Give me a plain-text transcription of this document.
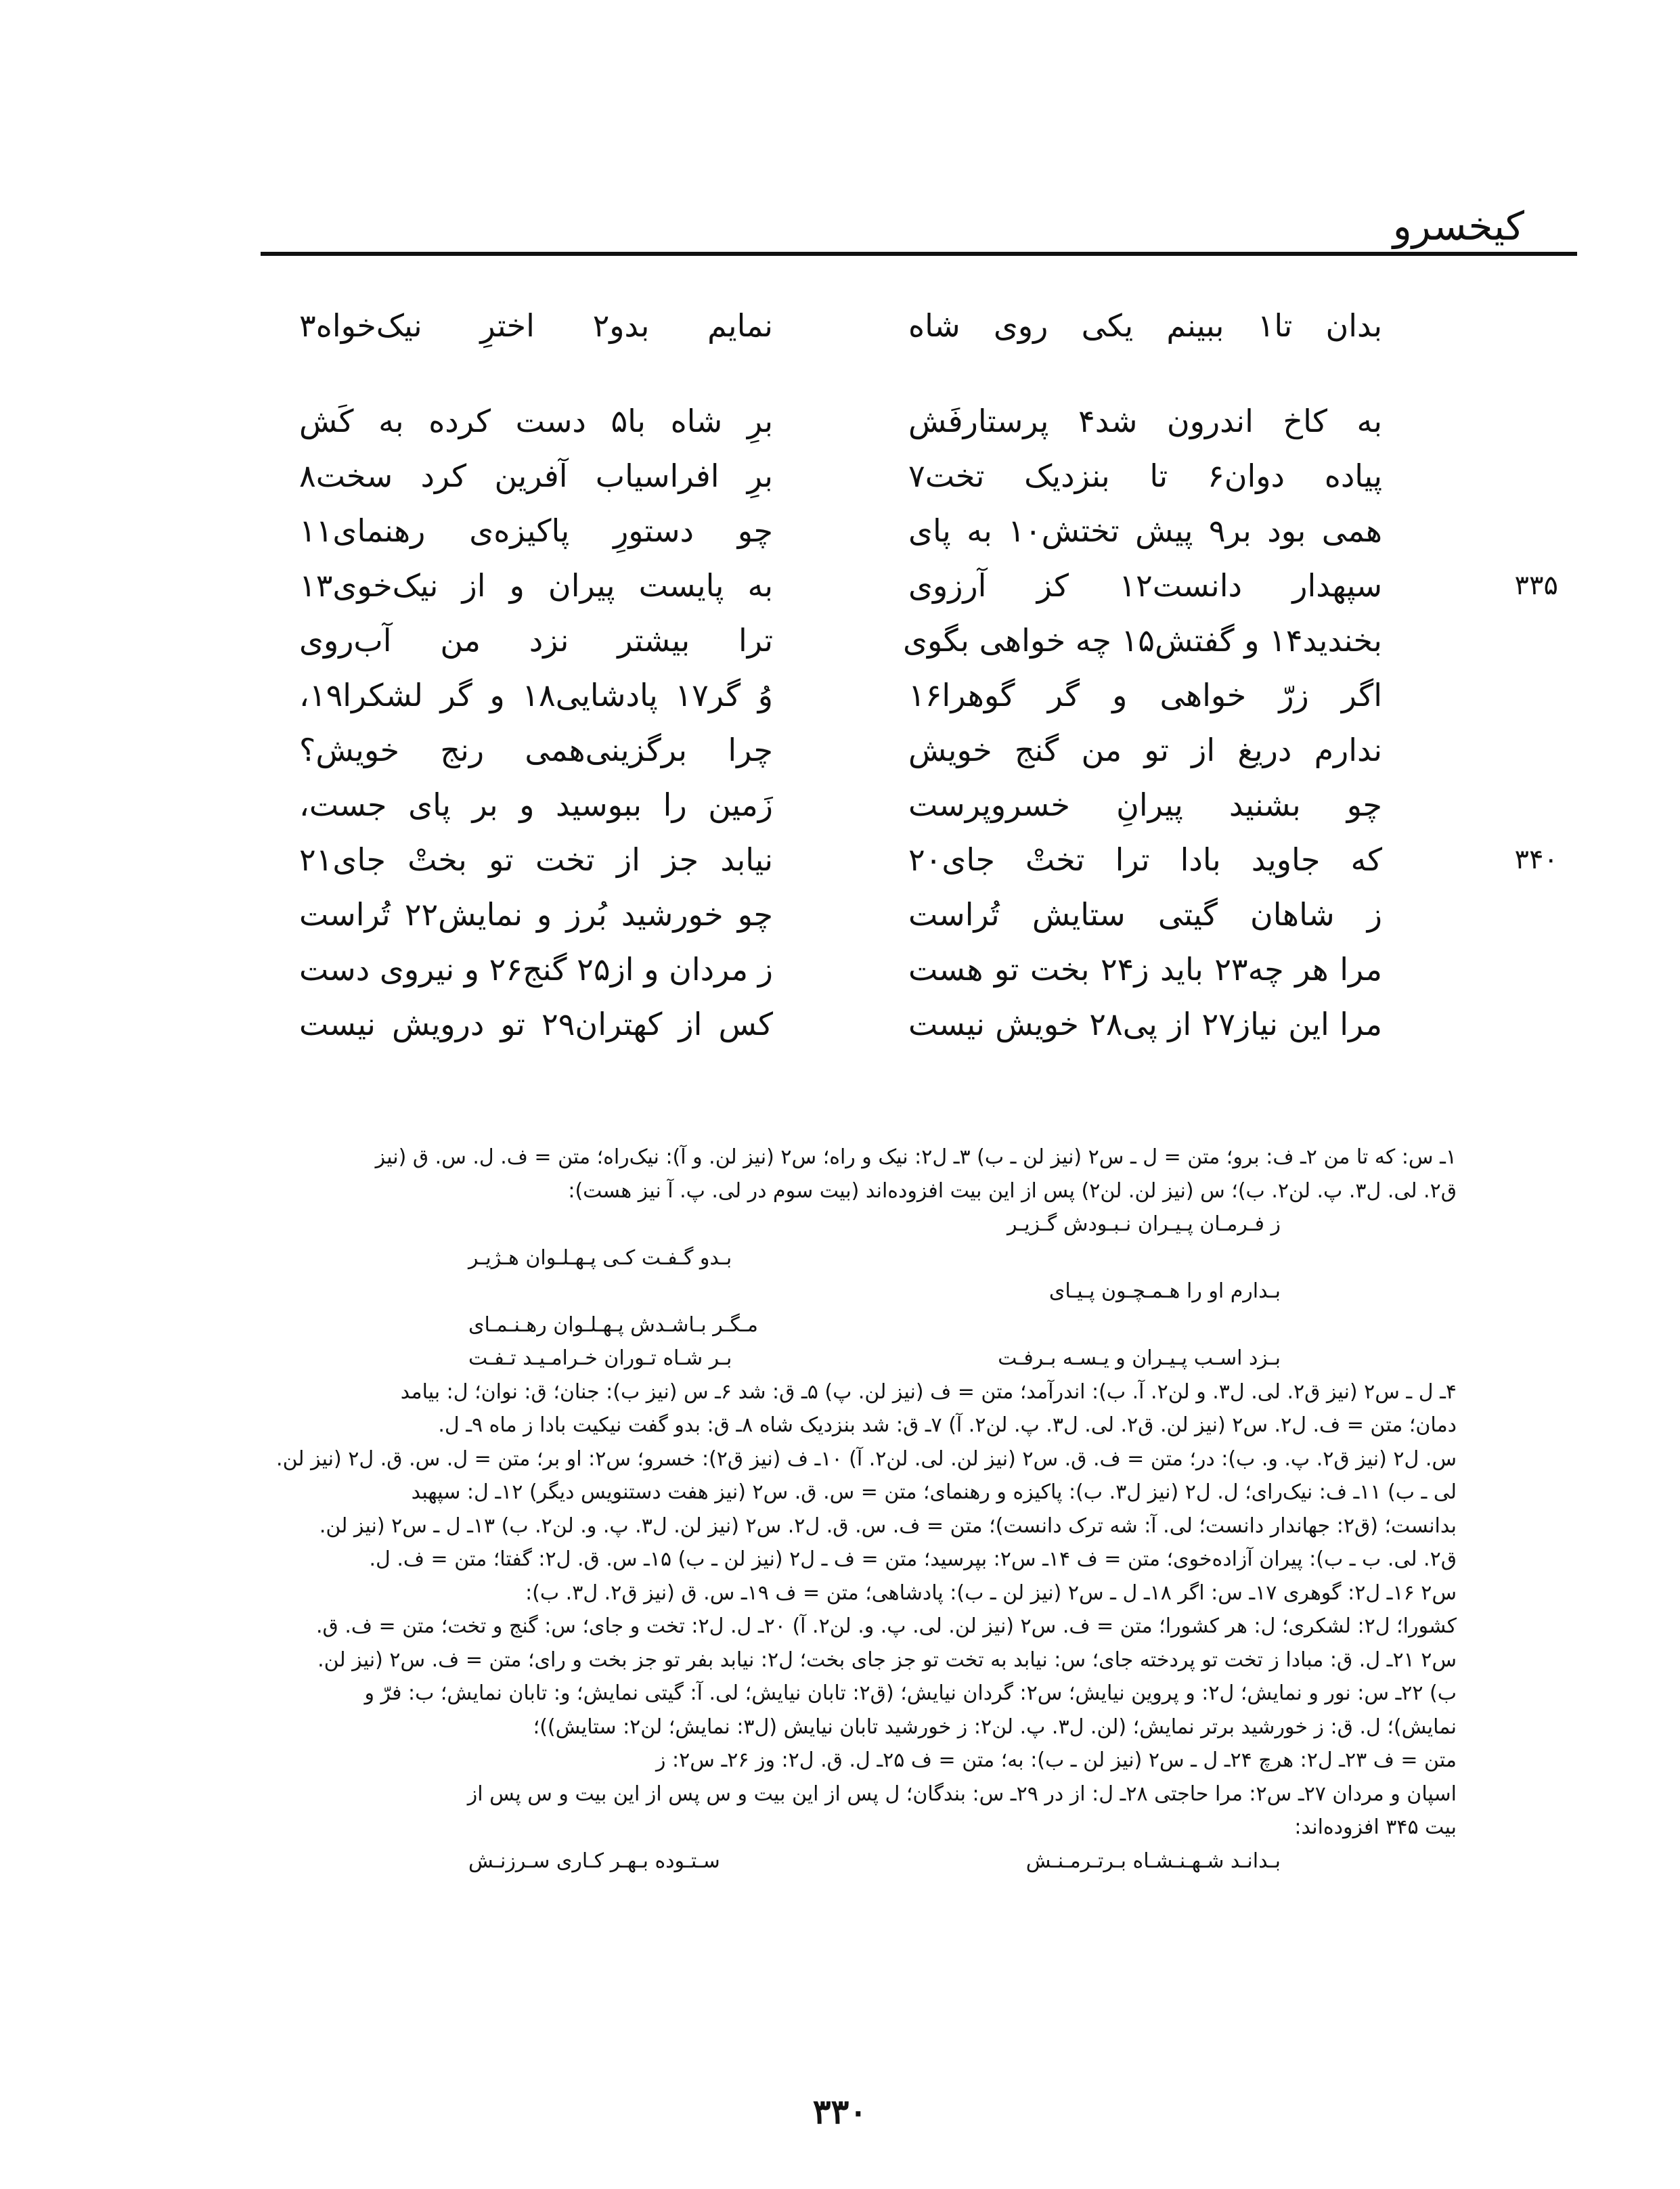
کیخسرو
بدان تا۱ ببینم یکی روی شاه
نمایم بدو۲ اخترِ نیک‌خواه۳
به کاخ اندرون شد۴ پرستارفَش
برِ شاه با۵ دست کرده به کَش
پیاده دوان۶ تا بنزدیک تخت۷
برِ افراسیاب آفرین کرد سخت۸
همی بود بر۹ پیش تختش۱۰ به پای
چو دستورِ پاکیزه‌ی رهنمای۱۱
۳۳۵
سپهدار دانست۱۲ کز آرزوی
به پایست پیران و از نیک‌خوی۱۳
بخندید۱۴ و گفتش۱۵ چه خواهی بگوی
ترا بیشتر نزد من آب‌روی
اگر زرّ خواهی و گر گوهرا۱۶
وُ گر۱۷ پادشایی۱۸ و گر لشکرا۱۹،
ندارم دریغ از تو من گنج خویش
چرا برگزینی‌همی رنج خویش؟
چو بشنید پیرانِ خسروپرست
زَمین را ببوسید و بر پای جست،
۳۴۰
که جاوید بادا ترا تختْ جای۲۰
نیابد جز از تخت تو بختْ جای۲۱
ز شاهان گیتی ستایش تُراست
چو خورشید بُرز و نمایش۲۲ تُراست
مرا هر چه۲۳ باید ز۲۴ بخت تو هست
ز مردان و از۲۵ گنج۲۶ و نیروی دست
مرا این نیاز۲۷ از پی۲۸ خویش نیست
کس از کهتران۲۹ تو درویش نیست
۱ـ س: که تا من ۲ـ ف: برو؛ متن = ل ـ س۲ (نیز لن ـ ب) ۳ـ ل۲: نیک و راه؛ س۲ (نیز لن. و آ): نیک‌راه؛ متن = ف. ل. س. ق (نیز
ق۲. لی. ل۳. پ. لن۲. ب)؛ س (نیز لن. لن۲) پس از این بیت افزوده‌اند (بیت سوم در لی. پ. آ نیز هست):
ز فـرمـان پـیـران نـبـودش گـزیـر
بـدو گـفـت کـی پـهـلـوان هـژیـر
بـدارم او را هـمـچـون پـیـای
مـگـر بـاشـدش پـهـلـوان رهـنـمـای
بـزد اسـب پـیـران و یـسـه بـرفـت
بـر شـاه تـوران خـرامـیـد تـفـت
۴ـ ل ـ س۲ (نیز ق۲. لی. ل۳. و لن۲. آ. ب): اندرآمد؛ متن = ف (نیز لن. پ) ۵ـ ق: شد ۶ـ س (نیز ب): جنان؛ ق: نوان؛ ل: بیامد
دمان؛ متن = ف. ل۲. س۲ (نیز لن. ق۲. لی. ل۳. پ. لن۲. آ) ۷ـ ق: شد بنزدیک شاه ۸ـ ق: بدو گفت نیکیت بادا ز ماه ۹ـ ل.
س. ل۲ (نیز ق۲. پ. و. ب): در؛ متن = ف. ق. س۲ (نیز لن. لی. لن۲. آ) ۱۰ـ ف (نیز ق۲): خسرو؛ س۲: او بر؛ متن = ل. س. ق. ل۲ (نیز لن.
لی ـ ب) ۱۱ـ ف: نیک‌رای؛ ل. ل۲ (نیز ل۳. ب): پاکیزه و رهنمای؛ متن = س. ق. س۲ (نیز هفت دستنویس دیگر) ۱۲ـ ل: سپهبد
بدانست؛ (ق۲: جهاندار دانست؛ لی. آ: شه ترک دانست)؛ متن = ف. س. ق. ل۲. س۲ (نیز لن. ل۳. پ. و. لن۲. ب) ۱۳ـ ل ـ س۲ (نیز لن.
ق۲. لی. ب ـ ب): پیران آزاده‌خوی؛ متن = ف ۱۴ـ س۲: بپرسید؛ متن = ف ـ ل۲ (نیز لن ـ ب) ۱۵ـ س. ق. ل۲: گفتا؛ متن = ف. ل.
س۲ ۱۶ـ ل۲: گوهری ۱۷ـ س: اگر ۱۸ـ ل ـ س۲ (نیز لن ـ ب): پادشاهی؛ متن = ف ۱۹ـ س. ق (نیز ق۲. ل۳. ب):
کشورا؛ ل۲: لشکری؛ ل: هر کشورا؛ متن = ف. س۲ (نیز لن. لی. پ. و. لن۲. آ) ۲۰ـ ل. ل۲: تخت و جای؛ س: گنج و تخت؛ متن = ف. ق.
س۲ ۲۱ـ ل. ق: مبادا ز تخت تو پردخته جای؛ س: نیابد به تخت تو جز جای بخت؛ ل۲: نیابد بفر تو جز بخت و رای؛ متن = ف. س۲ (نیز لن.
ب) ۲۲ـ س: نور و نمایش؛ ل۲: و پروین نیایش؛ س۲: گردان نیایش؛ (ق۲: تابان نیایش؛ لی. آ: گیتی نمایش؛ و: تابان نمایش؛ ب: فرّ و
نمایش)؛ ل. ق: ز خورشید برتر نمایش؛ (لن. ل۳. پ. لن۲: ز خورشید تابان نیایش (ل۳: نمایش؛ لن۲: ستایش))؛
متن = ف ۲۳ـ ل۲: هرچ ۲۴ـ ل ـ س۲ (نیز لن ـ ب): به؛ متن = ف ۲۵ـ ل. ق. ل۲: وز ۲۶ـ س۲: ز
اسپان و مردان ۲۷ـ س۲: مرا حاجتی ۲۸ـ ل: از در ۲۹ـ س: بندگان؛ ل پس از این بیت و س پس از این بیت و س پس از
بیت ۳۴۵ افزوده‌اند:
بـدانـد شـهـنـشـاه بـرتـرمـنـش
سـتـوده بـهـر کـاری سـرزنـش
۳۳۰
